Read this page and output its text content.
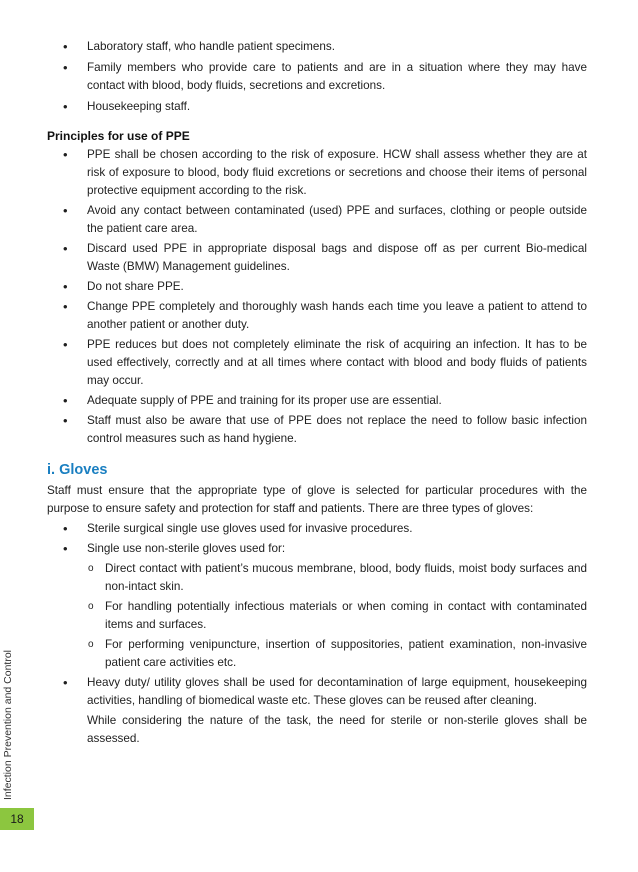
• Laboratory staff, who handle patient specimens.
• Family members who provide care to patients and are in a situation where they may have contact with blood, body fluids, secretions and excretions.
• Housekeeping staff.
Principles for use of PPE
• PPE shall be chosen according to the risk of exposure. HCW shall assess whether they are at risk of exposure to blood, body fluid excretions or secretions and choose their items of personal protective equipment according to the risk.
• Avoid any contact between contaminated (used) PPE and surfaces, clothing or people outside the patient care area.
• Discard used PPE in appropriate disposal bags and dispose off as per current Bio-medical Waste (BMW) Management guidelines.
• Do not share PPE.
• Change PPE completely and thoroughly wash hands each time you leave a patient to attend to another patient or another duty.
• PPE reduces but does not completely eliminate the risk of acquiring an infection. It has to be used effectively, correctly and at all times where contact with blood and body fluids of patients may occur.
• Adequate supply of PPE and training for its proper use are essential.
• Staff must also be aware that use of PPE does not replace the need to follow basic infection control measures such as hand hygiene.
i. Gloves

Staff must ensure that the appropriate type of glove is selected for particular procedures with the purpose to ensure safety and protection for staff and patients. There are three types of gloves:

• Sterile surgical single use gloves used for invasive procedures.
• Single use non-sterile gloves used for:
o Direct contact with patient’s mucous membrane, blood, body fluids, moist body surfaces and non-intact skin.
o For handling potentially infectious materials or when coming in contact with contaminated items and surfaces.
o For performing venipuncture, insertion of suppositories, patient examination, non-invasive patient care activities etc.
• Heavy duty/ utility gloves shall be used for decontamination of large equipment, housekeeping activities, handling of biomedical waste etc. These gloves can be reused after cleaning.

While considering the nature of the task, the need for sterile or non-sterile gloves shall be assessed.

Infection Prevention and Control
18
